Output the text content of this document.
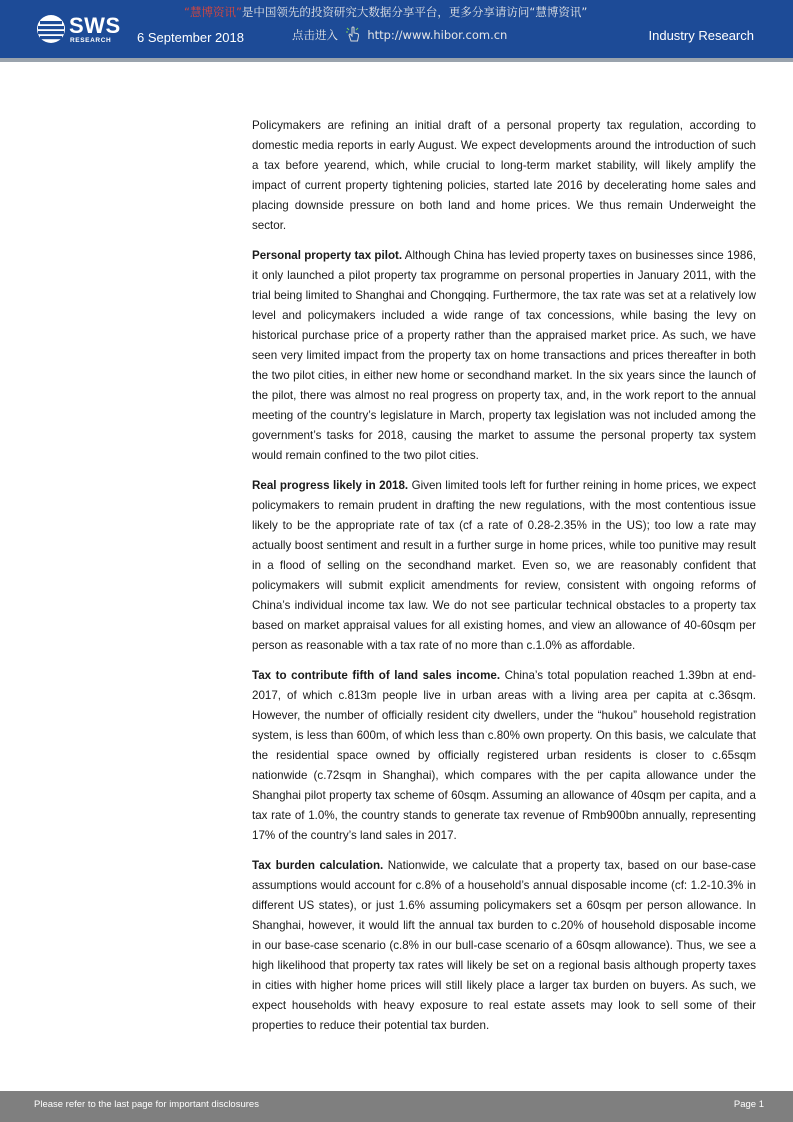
SWS
RESEARCH
“慧博资讯”是中国领先的投资研究大数据分享平台，更多分享请访问“慧博资讯”
点击进入	http://www.hibor.com.cn
6 September 2018	Industry Research

Policymakers are refining an initial draft of a personal property tax regulation, according to domestic media reports in early August. We expect developments around the introduction of such a tax before yearend, which, while crucial to long-term market stability, will likely amplify the impact of current property tightening policies, started late 2016 by decelerating home sales and placing downside pressure on both land and home prices. We thus remain Underweight the sector.

Personal property tax pilot. Although China has levied property taxes on businesses since 1986, it only launched a pilot property tax programme on personal properties in January 2011, with the trial being limited to Shanghai and Chongqing. Furthermore, the tax rate was set at a relatively low level and policymakers included a wide range of tax concessions, while basing the levy on historical purchase price of a property rather than the appraised market price. As such, we have seen very limited impact from the property tax on home transactions and prices thereafter in both the two pilot cities, in either new home or secondhand market. In the six years since the launch of the pilot, there was almost no real progress on property tax, and, in the work report to the annual meeting of the country’s legislature in March, property tax legislation was not included among the government’s tasks for 2018, causing the market to assume the personal property tax system would remain confined to the two pilot cities.

Real progress likely in 2018. Given limited tools left for further reining in home prices, we expect policymakers to remain prudent in drafting the new regulations, with the most contentious issue likely to be the appropriate rate of tax (cf a rate of 0.28-2.35% in the US); too low a rate may actually boost sentiment and result in a further surge in home prices, while too punitive may result in a flood of selling on the secondhand market. Even so, we are reasonably confident that policymakers will submit explicit amendments for review, consistent with ongoing reforms of China’s individual income tax law. We do not see particular technical obstacles to a property tax based on market appraisal values for all existing homes, and view an allowance of 40-60sqm per person as reasonable with a tax rate of no more than c.1.0% as affordable.

Tax to contribute fifth of land sales income. China’s total population reached 1.39bn at end-2017, of which c.813m people live in urban areas with a living area per capita at c.36sqm. However, the number of officially resident city dwellers, under the “hukou” household registration system, is less than 600m, of which less than c.80% own property. On this basis, we calculate that the residential space owned by officially registered urban residents is closer to c.65sqm nationwide (c.72sqm in Shanghai), which compares with the per capita allowance under the Shanghai pilot property tax scheme of 60sqm. Assuming an allowance of 40sqm per capita, and a tax rate of 1.0%, the country stands to generate tax revenue of Rmb900bn annually, representing 17% of the country’s land sales in 2017.

Tax burden calculation. Nationwide, we calculate that a property tax, based on our base-case assumptions would account for c.8% of a household’s annual disposable income (cf: 1.2-10.3% in different US states), or just 1.6% assuming policymakers set a 60sqm per person allowance. In Shanghai, however, it would lift the annual tax burden to c.20% of household disposable income in our base-case scenario (c.8% in our bull-case scenario of a 60sqm allowance). Thus, we see a high likelihood that property tax rates will likely be set on a regional basis although property taxes in cities with higher home prices will still likely place a larger tax burden on buyers. As such, we expect households with heavy exposure to real estate assets may look to sell some of their properties to reduce their potential tax burden.

Please refer to the last page for important disclosures	Page 1
